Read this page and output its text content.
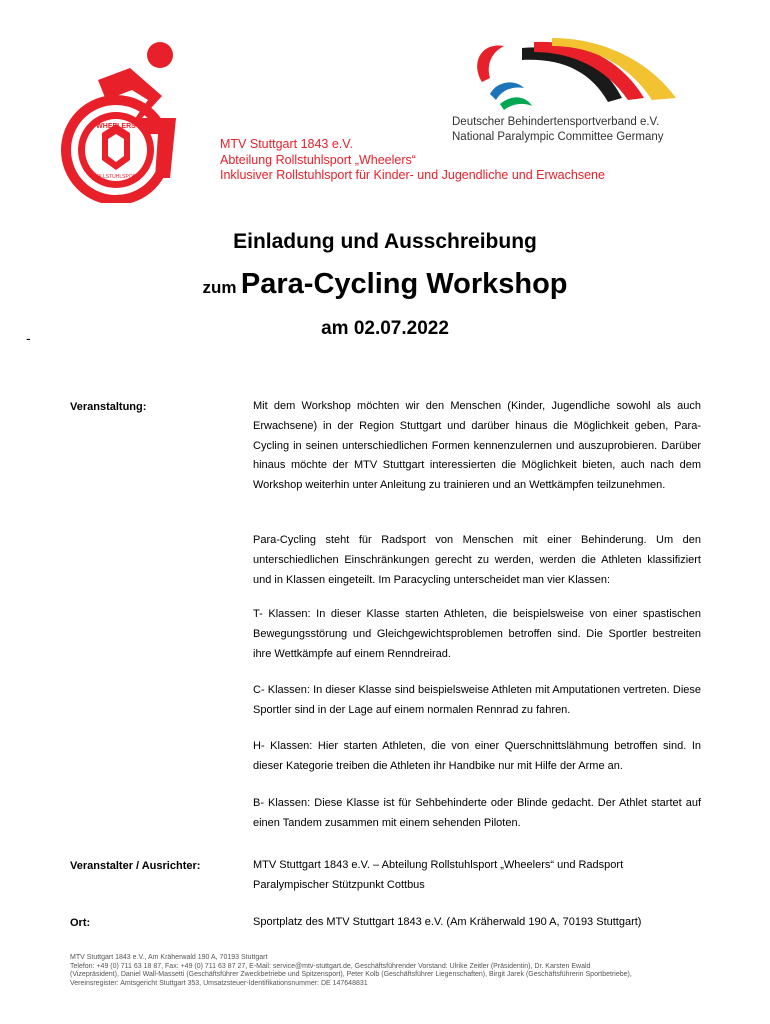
WHEELERS
ROLLSTUHLSPORT
Deutscher Behindertensportverband e.V.
National Paralympic Committee Germany
MTV Stuttgart 1843 e.V.
Abteilung Rollstuhlsport „Wheelers“
Inklusiver Rollstuhlsport für Kinder- und Jugendliche und Erwachsene
Einladung und Ausschreibung
zum Para-Cycling Workshop
am 02.07.2022
-
Veranstaltung:	Mit dem Workshop möchten wir den Menschen (Kinder, Jugendliche sowohl als auch Erwachsene) in der Region Stuttgart und darüber hinaus die Möglichkeit geben, Para-Cycling in seinen unterschiedlichen Formen kennenzulernen und auszuprobieren. Darüber hinaus möchte der MTV Stuttgart interessierten die Möglichkeit bieten, auch nach dem Workshop weiterhin unter Anleitung zu trainieren und an Wettkämpfen teilzunehmen.
Para-Cycling steht für Radsport von Menschen mit einer Behinderung. Um den unterschiedlichen Einschränkungen gerecht zu werden, werden die Athleten klassifiziert und in Klassen eingeteilt. Im Paracycling unterscheidet man vier Klassen:
T- Klassen: In dieser Klasse starten Athleten, die beispielsweise von einer spastischen Bewegungsstörung und Gleichgewichtsproblemen betroffen sind. Die Sportler bestreiten ihre Wettkämpfe auf einem Renndreirad.
C- Klassen: In dieser Klasse sind beispielsweise Athleten mit Amputationen vertreten. Diese Sportler sind in der Lage auf einem normalen Rennrad zu fahren.
H- Klassen: Hier starten Athleten, die von einer Querschnittslähmung betroffen sind. In dieser Kategorie treiben die Athleten ihr Handbike nur mit Hilfe der Arme an.
B- Klassen: Diese Klasse ist für Sehbehinderte oder Blinde gedacht. Der Athlet startet auf einen Tandem zusammen mit einem sehenden Piloten.
Veranstalter / Ausrichter:	MTV Stuttgart 1843 e.V. – Abteilung Rollstuhlsport „Wheelers“ und Radsport Paralympischer Stützpunkt Cottbus
Ort:	Sportplatz des MTV Stuttgart 1843 e.V. (Am Kräherwald 190 A, 70193 Stuttgart)
MTV Stuttgart 1843 e.V., Am Kräherwald 190 A, 70193 Stuttgart
Telefon: +49 (0) 711 63 18 87, Fax: +49 (0) 711 63 87 27, E-Mail: service@mtv-stuttgart.de, Geschäftsführender Vorstand: Ulrike Zeitler (Präsidentin), Dr. Karsten Ewald
(Vizepräsident), Daniel Wall-Massetti (Geschäftsführer Zweckbetriebe und Spitzensport), Peter Kolb (Geschäftsführer Liegenschaften), Birgit Jarek (Geschäftsführerin Sportbetriebe),
Vereinsregister: Amtsgericht Stuttgart 353, Umsatzsteuer-Identifikationsnummer: DE 147648831
